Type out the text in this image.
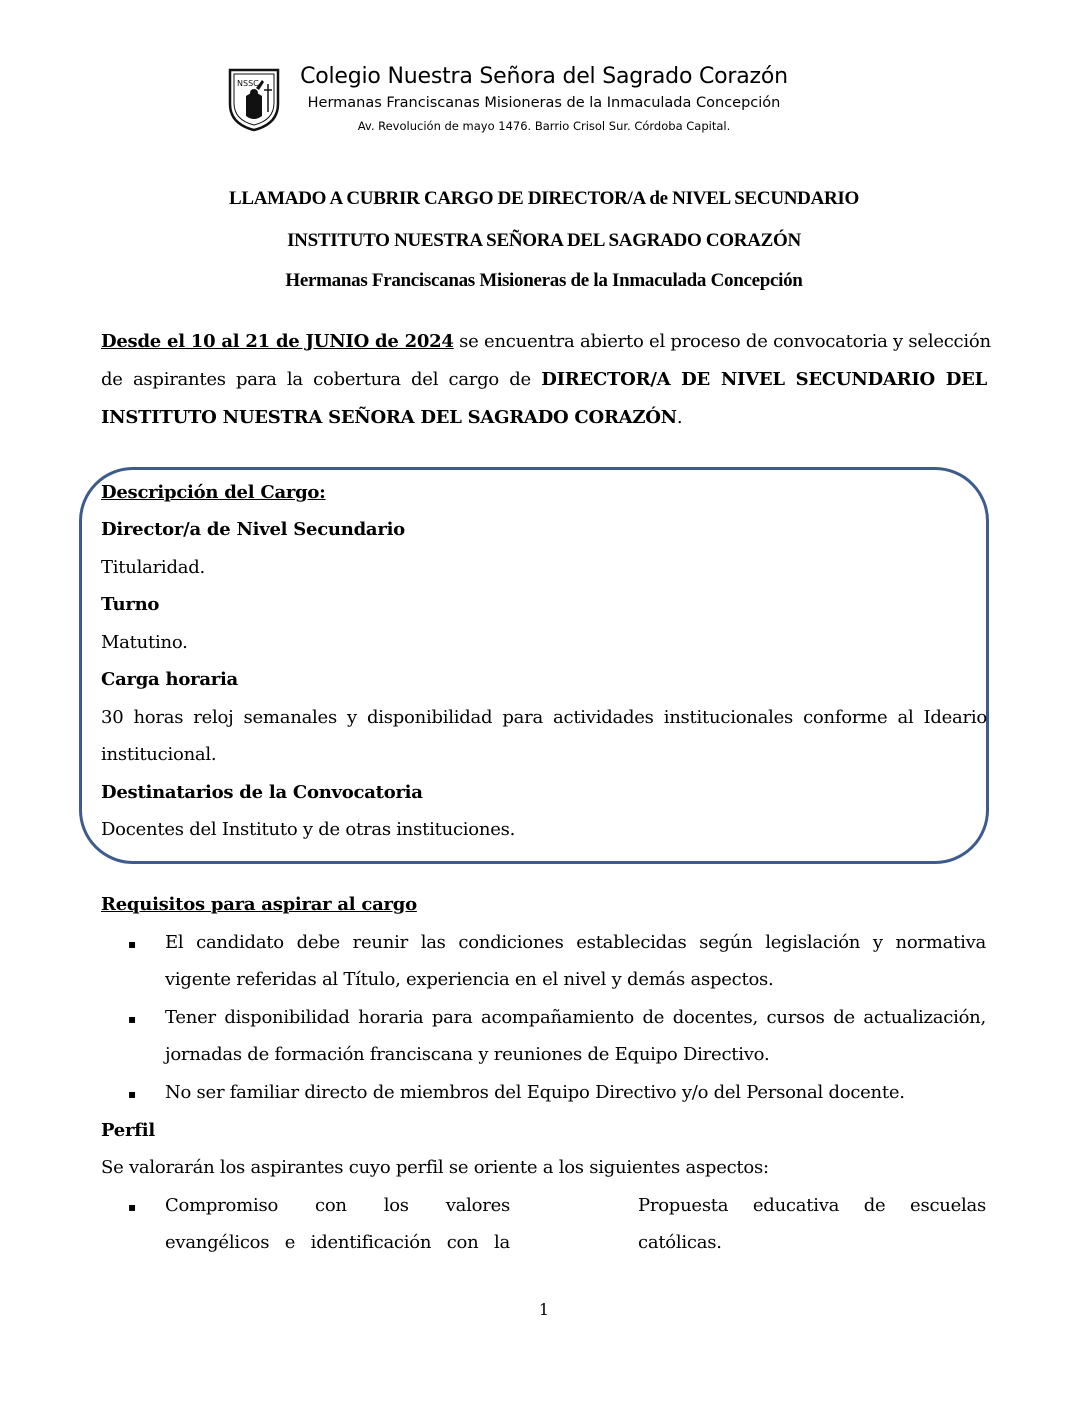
NSSC Colegio Nuestra Señora del Sagrado Corazón
Hermanas Franciscanas Misioneras de la Inmaculada Concepción
Av. Revolución de mayo 1476. Barrio Crisol Sur. Córdoba Capital.
LLAMADO A CUBRIR CARGO DE DIRECTOR/A de NIVEL SECUNDARIO
INSTITUTO NUESTRA SEÑORA DEL SAGRADO CORAZÓN
Hermanas Franciscanas Misioneras de la Inmaculada Concepción
Desde el 10 al 21 de JUNIO de 2024 se encuentra abierto el proceso de convocatoria y selección
de aspirantes para la cobertura del cargo de DIRECTOR/A DE NIVEL SECUNDARIO DEL
INSTITUTO NUESTRA SEÑORA DEL SAGRADO CORAZÓN.
Descripción del Cargo:
Director/a de Nivel Secundario
Titularidad.
Turno
Matutino.
Carga horaria
30 horas reloj semanales y disponibilidad para actividades institucionales conforme al Ideario
institucional.
Destinatarios de la Convocatoria
Docentes del Instituto y de otras instituciones.
Requisitos para aspirar al cargo
▪ El candidato debe reunir las condiciones establecidas según legislación y normativa
vigente referidas al Título, experiencia en el nivel y demás aspectos.
▪ Tener disponibilidad horaria para acompañamiento de docentes, cursos de actualización,
jornadas de formación franciscana y reuniones de Equipo Directivo.
▪ No ser familiar directo de miembros del Equipo Directivo y/o del Personal docente.
Perfil
Se valorarán los aspirantes cuyo perfil se oriente a los siguientes aspectos:
▪ Compromiso con los valores
evangélicos e identificación con la
Propuesta educativa de escuelas
católicas.
1
